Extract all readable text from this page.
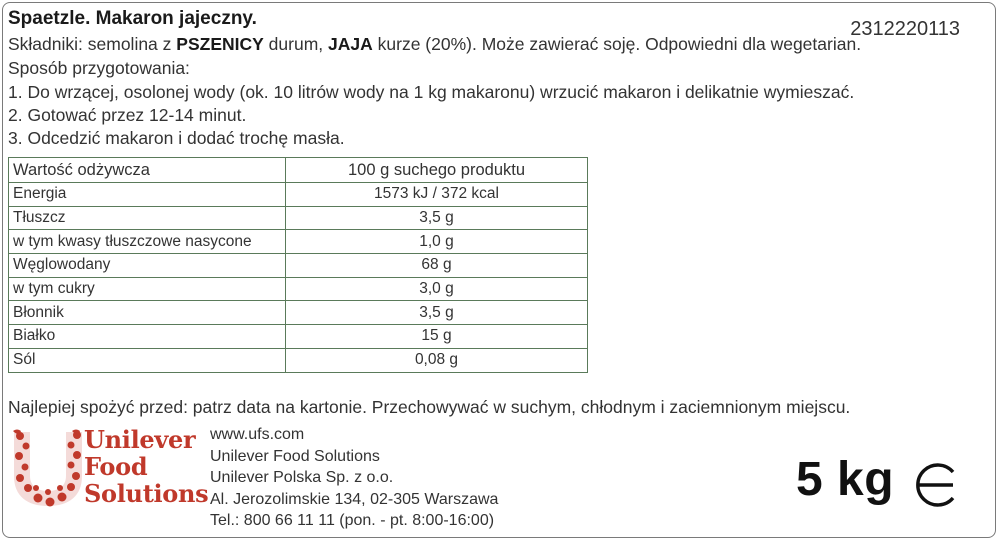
Spaetzle. Makaron jajeczny.	2312220113
Składniki: semolina z PSZENICY durum, JAJA kurze (20%). Może zawierać soję. Odpowiedni dla wegetarian.
Sposób przygotowania:
1. Do wrzącej, osolonej wody (ok. 10 litrów wody na 1 kg makaronu) wrzucić makaron i delikatnie wymieszać.
2. Gotować przez 12-14 minut.
3. Odcedzić makaron i dodać trochę masła.
Wartość odżywcza	100 g suchego produktu
Energia	1573 kJ / 372 kcal
Tłuszcz	3,5 g
w tym kwasy tłuszczowe nasycone	1,0 g
Węglowodany	68 g
w tym cukry	3,0 g
Błonnik	3,5 g
Białko	15 g
Sól	0,08 g
Najlepiej spożyć przed: patrz data na kartonie. Przechowywać w suchym, chłodnym i zaciemnionym miejscu.
Unilever
Food
Solutions
www.ufs.com
Unilever Food Solutions
Unilever Polska Sp. z o.o.
Al. Jerozolimskie 134, 02-305 Warszawa
Tel.: 800 66 11 11 (pon. - pt. 8:00-16:00)
5 kg
